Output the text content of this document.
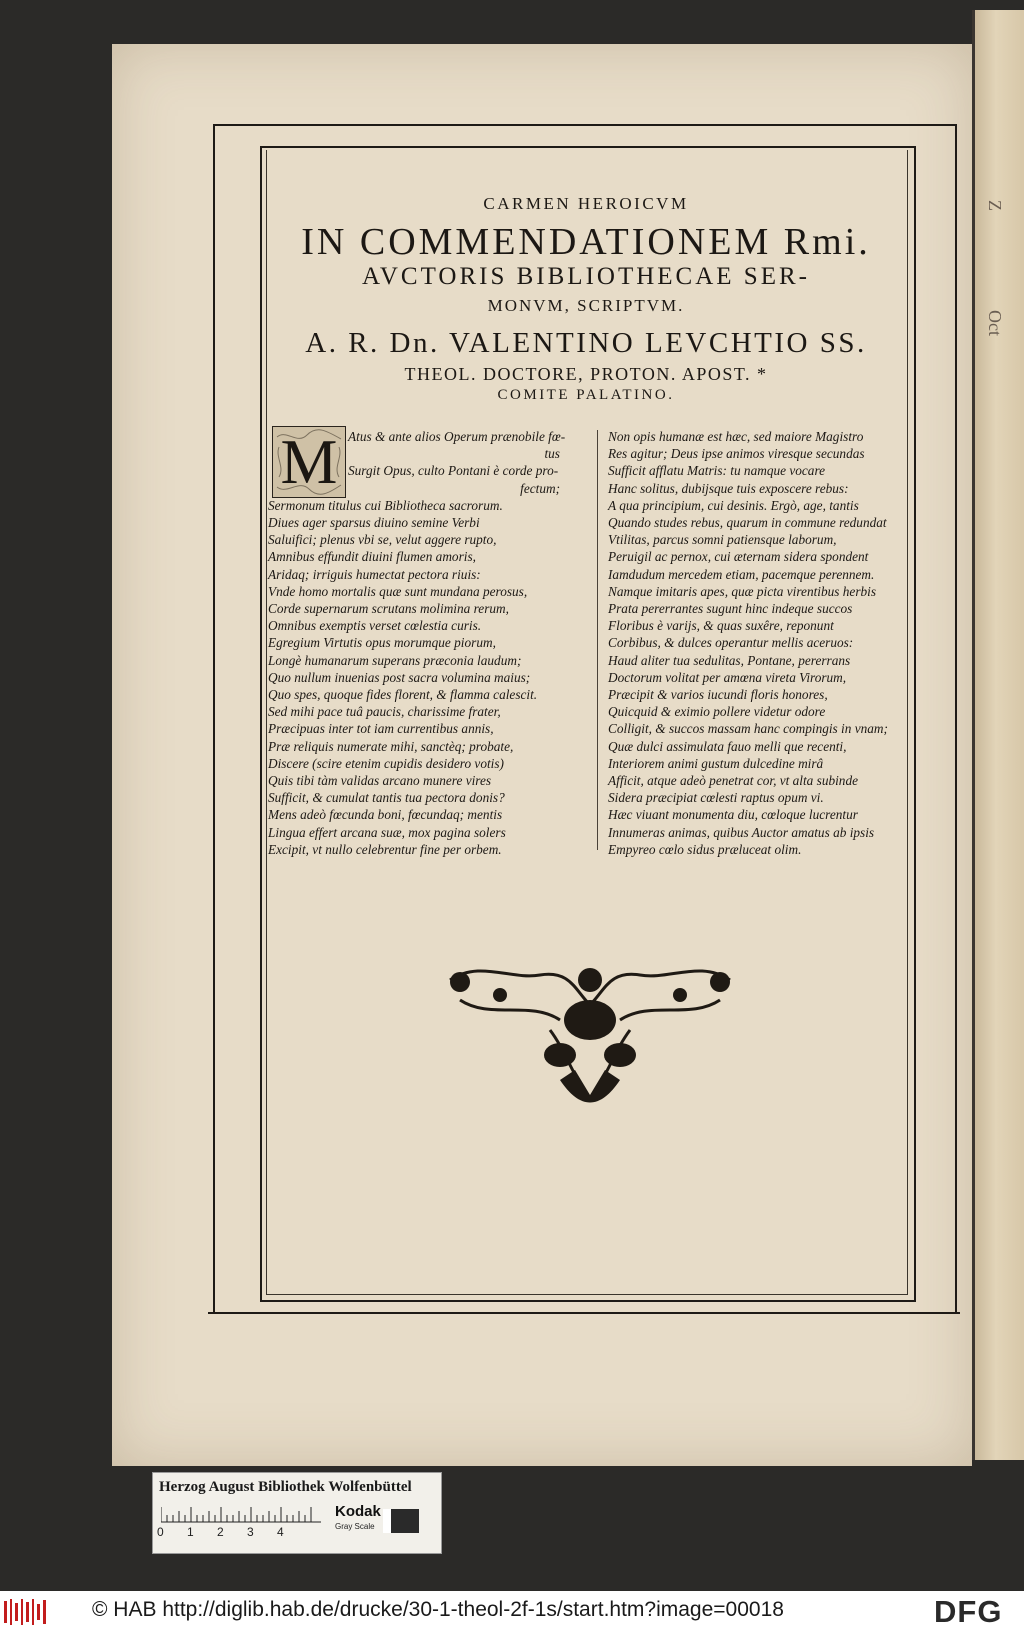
Z
Oct
CARMEN HEROICVM
IN COMMENDATIONEM Rmi.
AVCTORIS BIBLIOTHECAE SER-
MONVM, SCRIPTVM.
A. R. Dn. VALENTINO LEVCHTIO SS.
THEOL. DOCTORE, PROTON. APOST. *
COMITE PALATINO.
M Atus & ante alios Operum prænobile fœ-
tus
Surgit Opus, culto Pontani è corde pro-
fectum;
Sermonum titulus cui Bibliotheca sacrorum.
Diues ager sparsus diuino semine Verbi
Saluifici; plenus vbi se, velut aggere rupto,
Amnibus effundit diuini flumen amoris,
Aridaq; irriguis humectat pectora riuis:
Vnde homo mortalis quæ sunt mundana perosus,
Corde supernarum scrutans molimina rerum,
Omnibus exemptis verset cœlestia curis.
Egregium Virtutis opus morumque piorum,
Longè humanarum superans præconia laudum;
Quo nullum inuenias post sacra volumina maius;
Quo spes, quoque fides florent, & flamma calescit.
Sed mihi pace tuâ paucis, charissime frater,
Præcipuas inter tot iam currentibus annis,
Præ reliquis numerate mihi, sanctèq; probate,
Discere (scire etenim cupidis desidero votis)
Quis tibi tàm validas arcano munere vires
Sufficit, & cumulat tantis tua pectora donis?
Mens adeò fœcunda boni, fœcundaq; mentis
Lingua effert arcana suæ, mox pagina solers
Excipit, vt nullo celebrentur fine per orbem.
Non opis humanæ est hæc, sed maiore Magistro
Res agitur; Deus ipse animos viresque secundas
Sufficit afflatu Matris: tu namque vocare
Hanc solitus, dubijsque tuis exposcere rebus:
A qua principium, cui desinis. Ergò, age, tantis
Quando studes rebus, quarum in commune redundat
Vtilitas, parcus somni patiensque laborum,
Peruigil ac pernox, cui æternam sidera spondent
Iamdudum mercedem etiam, pacemque perennem.
Namque imitaris apes, quæ picta virentibus herbis
Prata pererrantes sugunt hinc indeque succos
Floribus è varijs, & quas suxêre, reponunt
Corbibus, & dulces operantur mellis aceruos:
Haud aliter tua sedulitas, Pontane, pererrans
Doctorum volitat per amœna vireta Virorum,
Præcipit & varios iucundi floris honores,
Quicquid & eximio pollere videtur odore
Colligit, & succos massam hanc compingis in vnam;
Quæ dulci assimulata fauo melli que recenti,
Interiorem animi gustum dulcedine mirâ
Afficit, atque adeò penetrat cor, vt alta subinde
Sidera præcipiat cœlesti raptus opum vi.
Hæc viuant monumenta diu, cœloque lucrentur
Innumeras animas, quibus Auctor amatus ab ipsis
Empyreo cœlo sidus præluceat olim.
Herzog August Bibliothek Wolfenbüttel
0 1 2 3 4
Kodak
Gray Scale
© HAB http://diglib.hab.de/drucke/30-1-theol-2f-1s/start.htm?image=00018	DFG
